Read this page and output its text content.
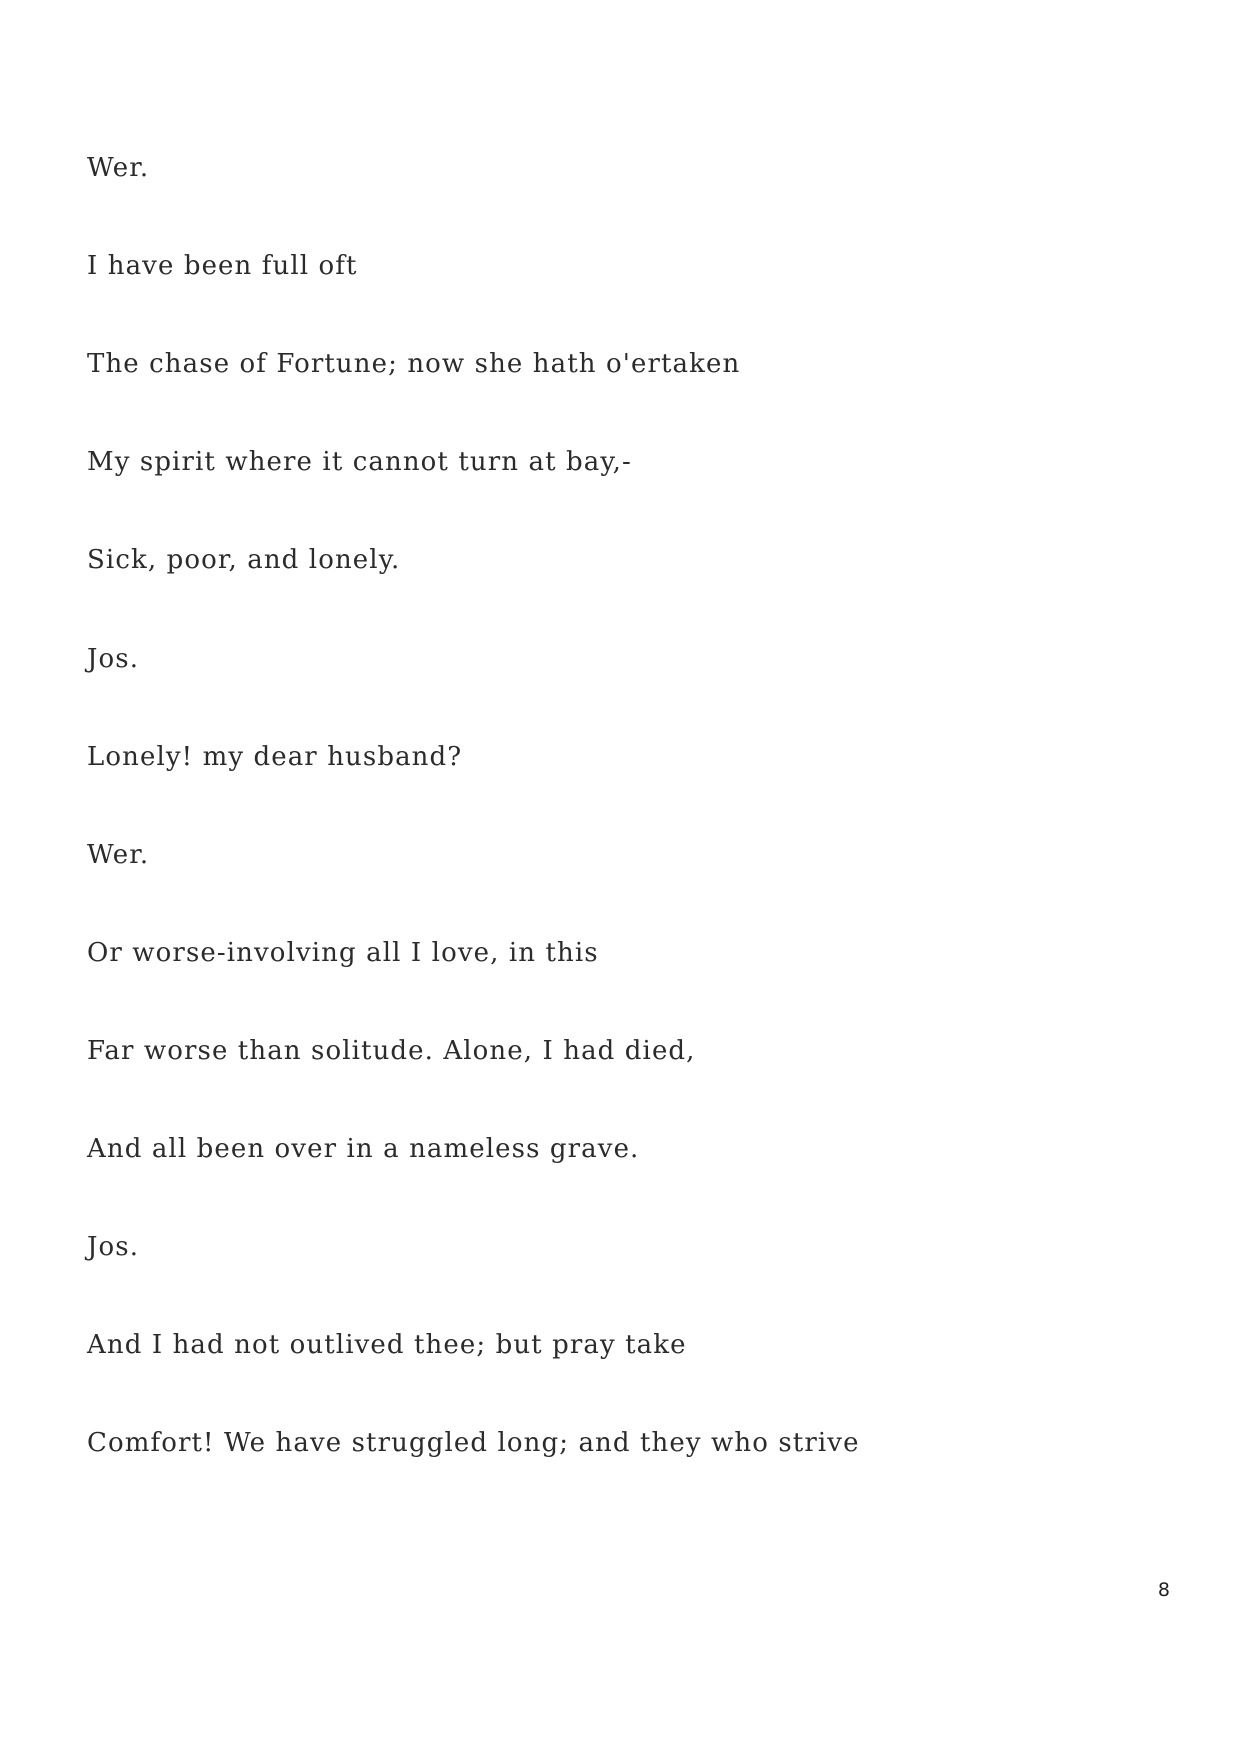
Wer.

I have been full oft

The chase of Fortune; now she hath o'ertaken

My spirit where it cannot turn at bay,-

Sick, poor, and lonely.

Jos.

Lonely! my dear husband?

Wer.

Or worse-involving all I love, in this

Far worse than solitude. Alone, I had died,

And all been over in a nameless grave.

Jos.

And I had not outlived thee; but pray take

Comfort! We have struggled long; and they who strive

8
